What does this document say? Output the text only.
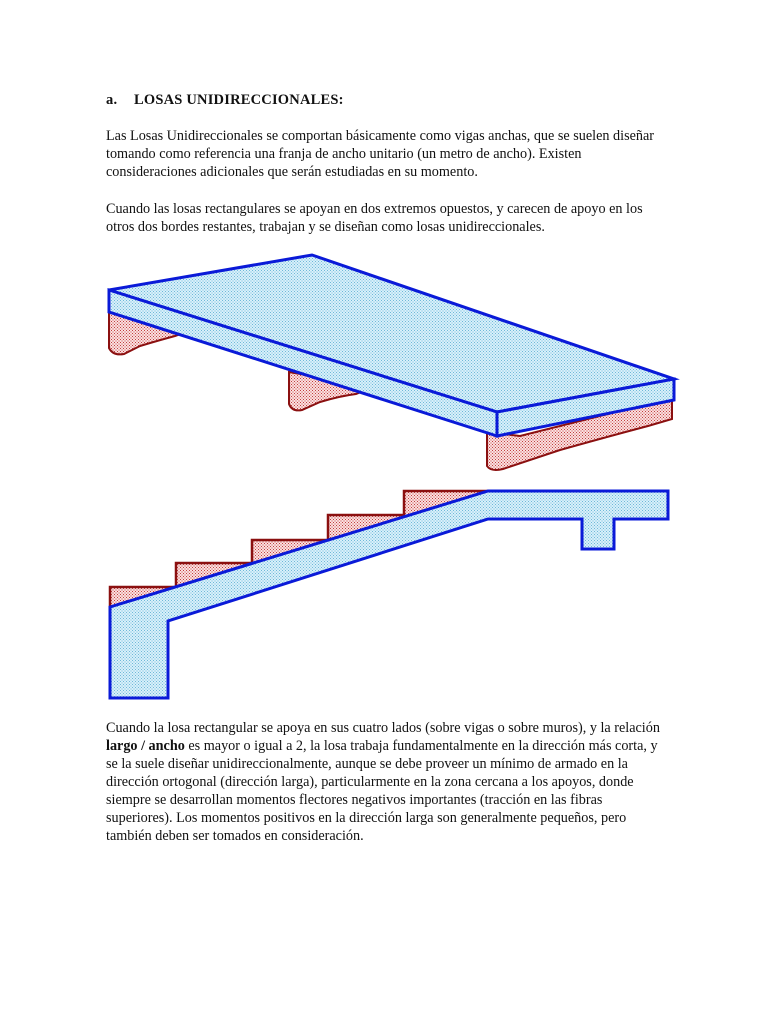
a. LOSAS UNIDIRECCIONALES:

Las Losas Unidireccionales se comportan básicamente como vigas anchas, que se suelen diseñar tomando como referencia una franja de ancho unitario (un metro de ancho). Existen consideraciones adicionales que serán estudiadas en su momento.

Cuando las losas rectangulares se apoyan en dos extremos opuestos, y carecen de apoyo en los otros dos bordes restantes, trabajan y se diseñan como losas unidireccionales.

Cuando la losa rectangular se apoya en sus cuatro lados (sobre vigas o sobre muros), y la relación largo / ancho es mayor o igual a 2, la losa trabaja fundamentalmente en la dirección más corta, y se la suele diseñar unidireccionalmente, aunque se debe proveer un mínimo de armado en la dirección ortogonal (dirección larga), particularmente en la zona cercana a los apoyos, donde siempre se desarrollan momentos flectores negativos importantes (tracción en las fibras superiores). Los momentos positivos en la dirección larga son generalmente pequeños, pero también deben ser tomados en consideración.
